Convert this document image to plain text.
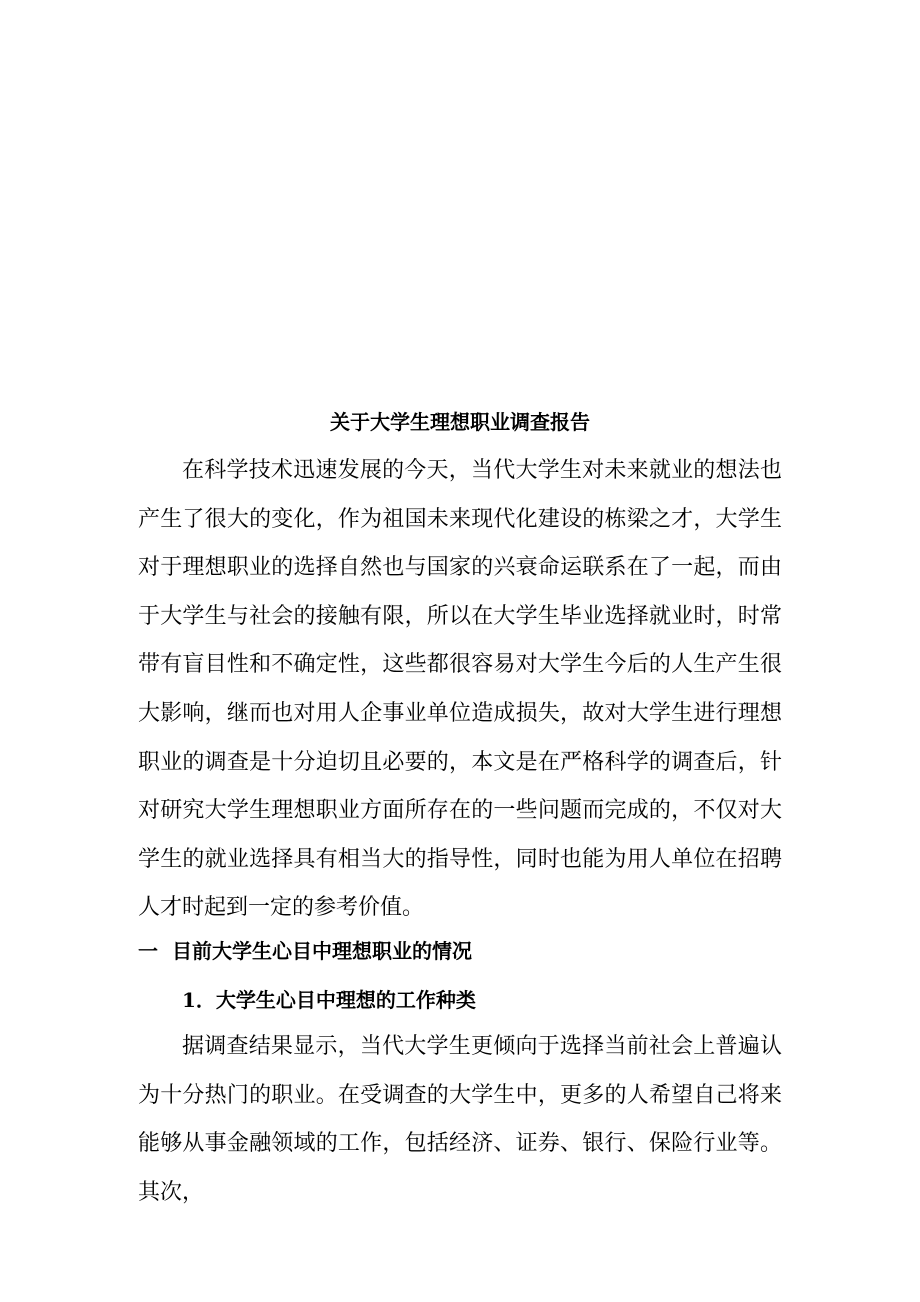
关于大学生理想职业调查报告

在科学技术迅速发展的今天，当代大学生对未来就业的想法也产生了很大的变化，作为祖国未来现代化建设的栋梁之才，大学生对于理想职业的选择自然也与国家的兴衰命运联系在了一起，而由于大学生与社会的接触有限，所以在大学生毕业选择就业时，时常带有盲目性和不确定性，这些都很容易对大学生今后的人生产生很大影响，继而也对用人企事业单位造成损失，故对大学生进行理想职业的调查是十分迫切且必要的，本文是在严格科学的调查后，针对研究大学生理想职业方面所存在的一些问题而完成的，不仅对大学生的就业选择具有相当大的指导性，同时也能为用人单位在招聘人才时起到一定的参考价值。

一 目前大学生心目中理想职业的情况
1．大学生心目中理想的工作种类

据调查结果显示，当代大学生更倾向于选择当前社会上普遍认为十分热门的职业。在受调查的大学生中，更多的人希望自己将来能够从事金融领域的工作，包括经济、证券、银行、保险行业等。其次，
